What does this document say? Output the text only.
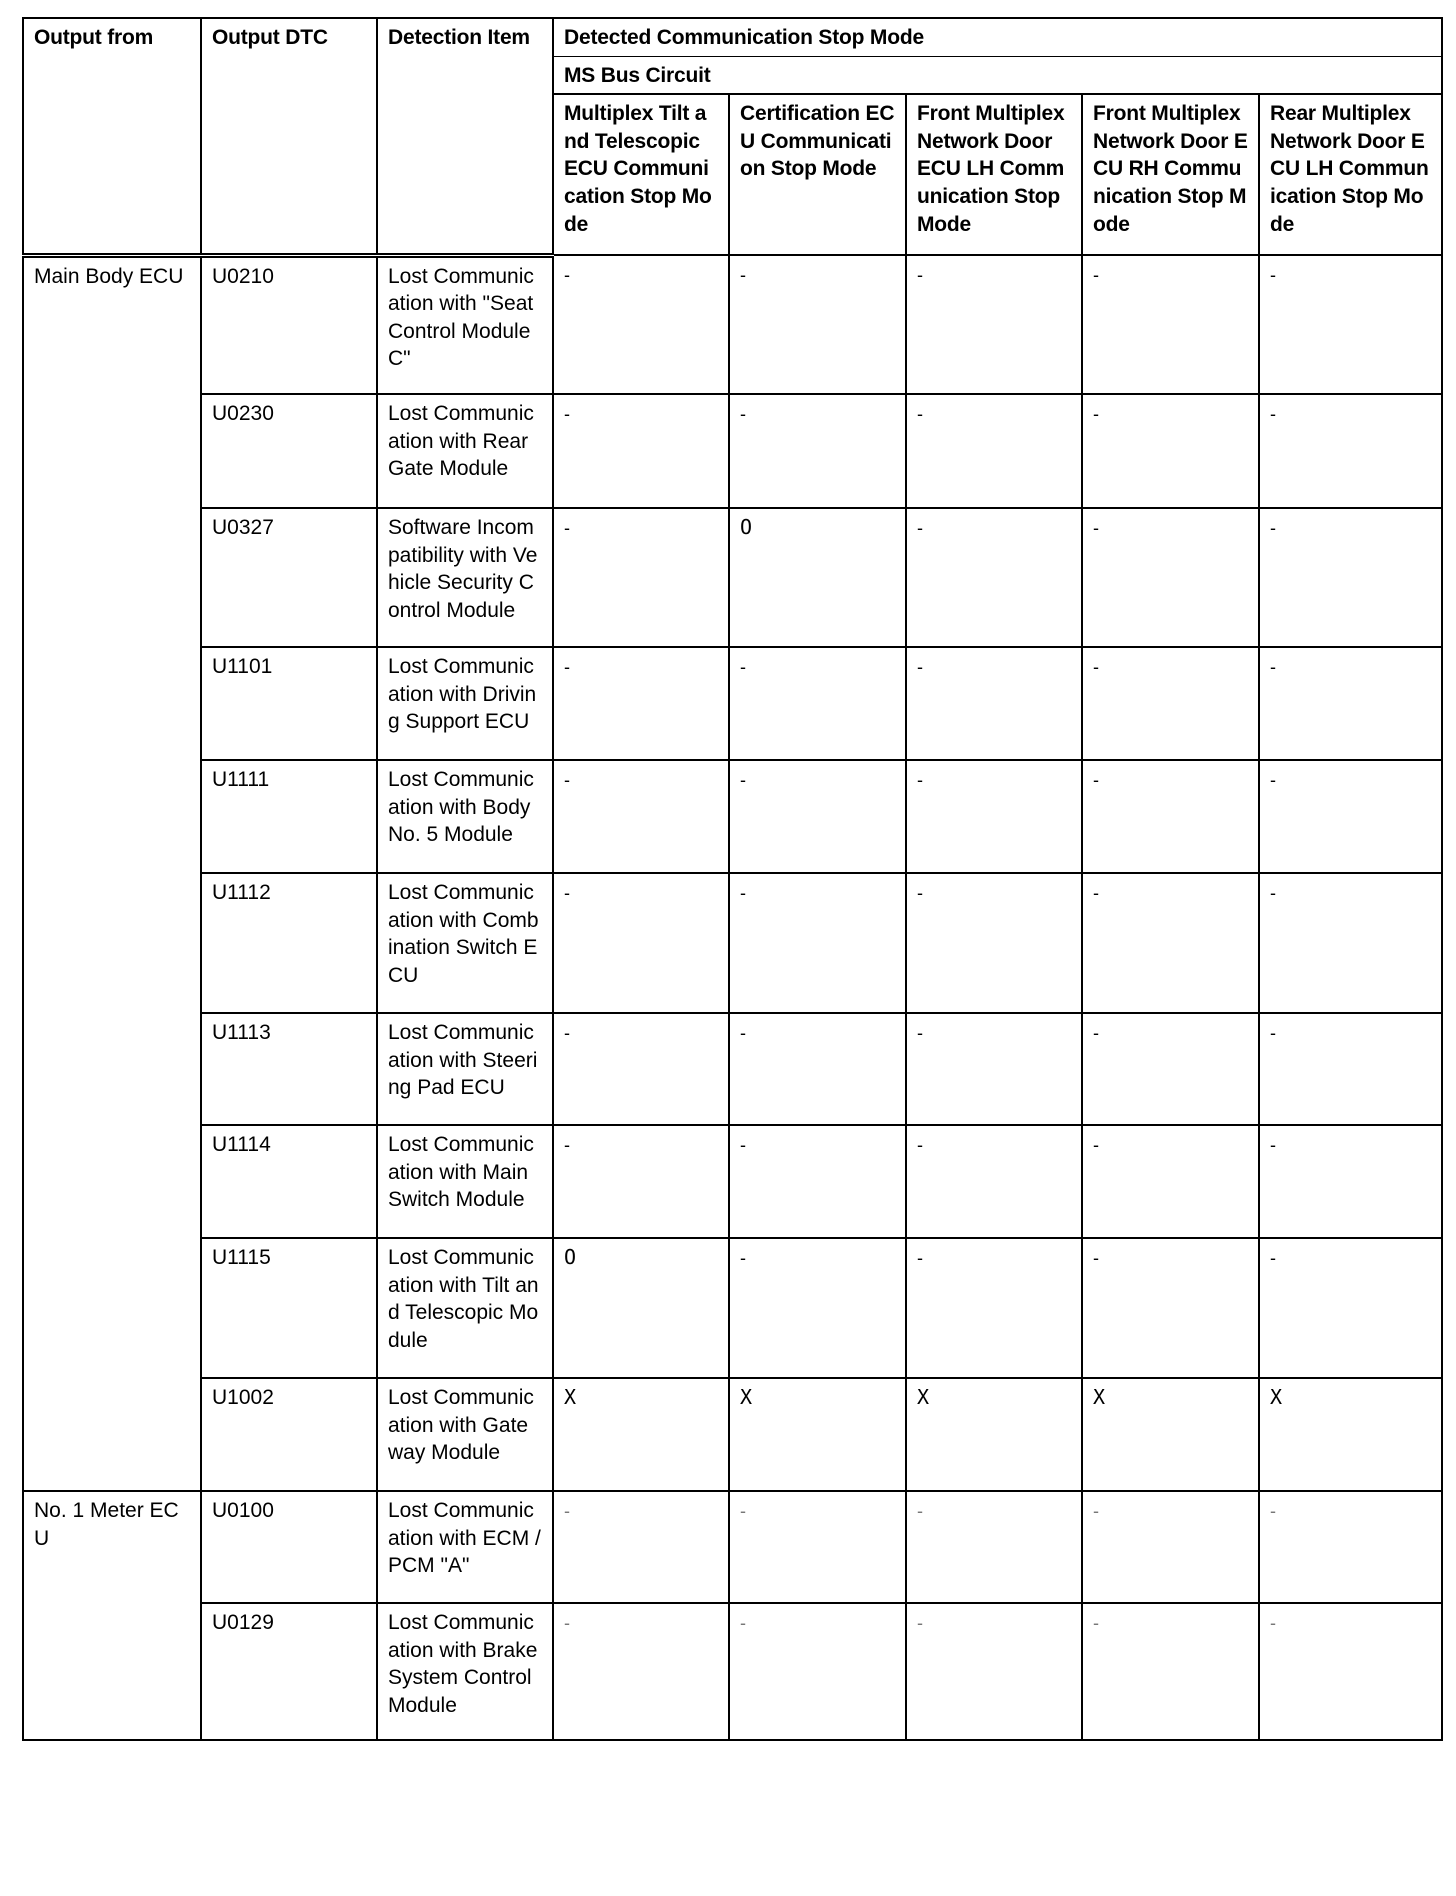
Output from	Output DTC	Detection Item	Detected Communication Stop Mode				
			MS Bus Circuit				
			Multiplex Tilt and Telescopic ECU Communication Stop Mode	Certification ECU Communication Stop Mode	Front Multiplex Network Door ECU LH Communication Stop Mode	Front Multiplex Network Door ECU RH Communication Stop Mode	Rear Multiplex Network Door ECU LH Communication Stop Mode
Main Body ECU	U0210	Lost Communication with "Seat Control Module C"	-	-	-	-	-
	U0230	Lost Communication with Rear Gate Module	-	-	-	-	-
	U0327	Software Incompatibility with Vehicle Security Control Module	-	O	-	-	-
	U1101	Lost Communication with Driving Support ECU	-	-	-	-	-
	U1111	Lost Communication with Body No. 5 Module	-	-	-	-	-
	U1112	Lost Communication with Combination Switch ECU	-	-	-	-	-
	U1113	Lost Communication with Steering Pad ECU	-	-	-	-	-
	U1114	Lost Communication with Main Switch Module	-	-	-	-	-
	U1115	Lost Communication with Tilt and Telescopic Module	O	-	-	-	-
	U1002	Lost Communication with Gateway Module	X	X	X	X	X
No. 1 Meter ECU	U0100	Lost Communication with ECM / PCM "A"	-	-	-	-	-
	U0129	Lost Communication with Brake System Control Module	-	-	-	-	-
